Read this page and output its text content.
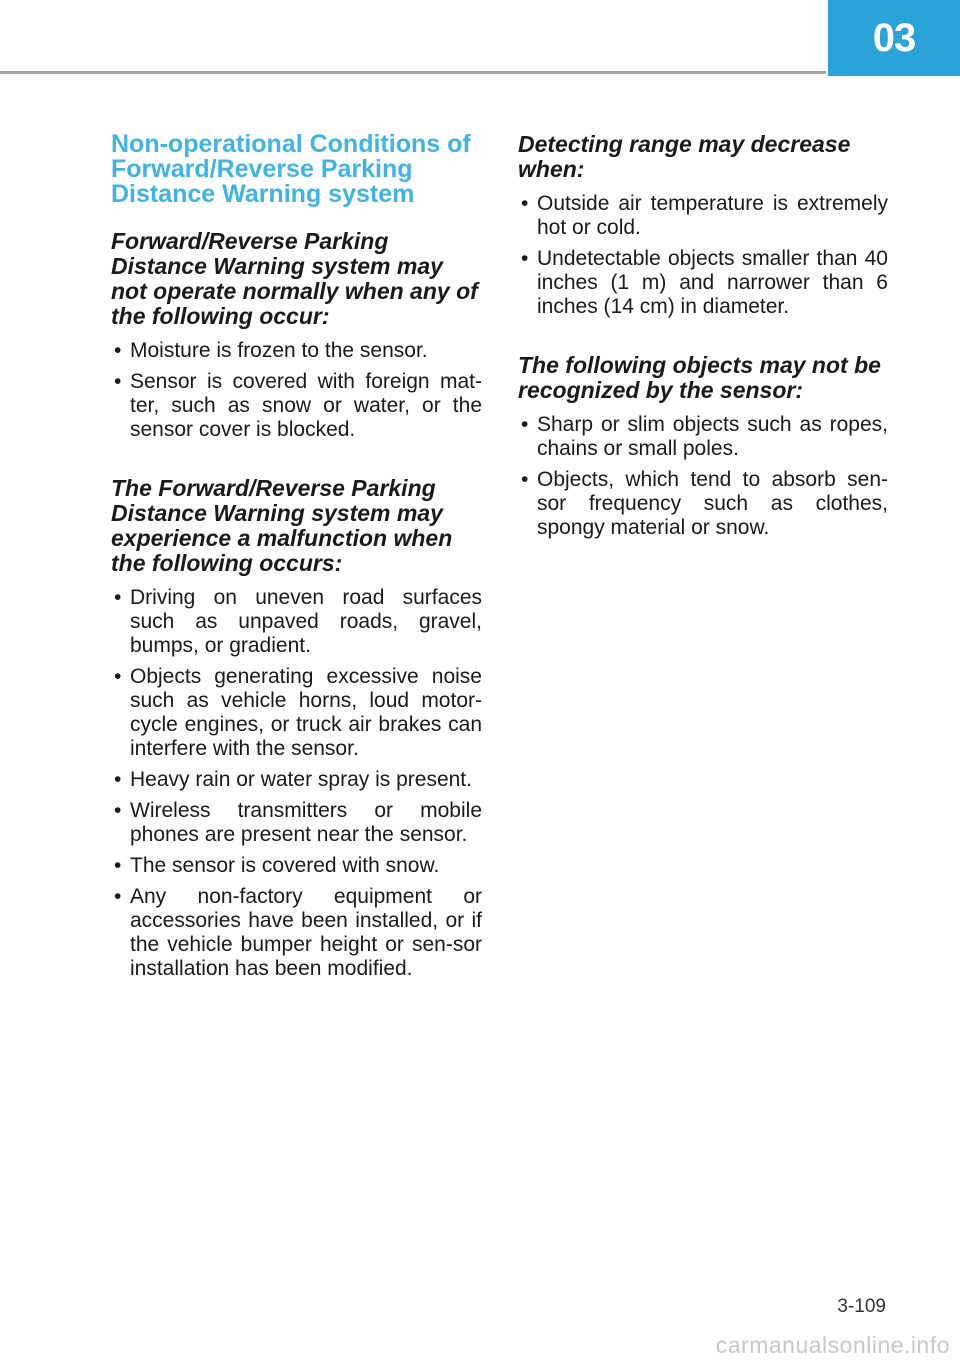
03
Non-operational Conditions of Forward/Reverse Parking Distance Warning system
Forward/Reverse Parking Distance Warning system may not operate normally when any of the following occur:
• Moisture is frozen to the sensor.
• Sensor is covered with foreign mat-ter, such as snow or water, or the sensor cover is blocked.
The Forward/Reverse Parking Distance Warning system may experience a malfunction when the following occurs:
• Driving on uneven road surfaces such as unpaved roads, gravel, bumps, or gradient.
• Objects generating excessive noise such as vehicle horns, loud motor-cycle engines, or truck air brakes can interfere with the sensor.
• Heavy rain or water spray is present.
• Wireless transmitters or mobile phones are present near the sensor.
• The sensor is covered with snow.
• Any non-factory equipment or accessories have been installed, or if the vehicle bumper height or sen-sor installation has been modified.
Detecting range may decrease when:
• Outside air temperature is extremely hot or cold.
• Undetectable objects smaller than 40 inches (1 m) and narrower than 6 inches (14 cm) in diameter.
The following objects may not be recognized by the sensor:
• Sharp or slim objects such as ropes, chains or small poles.
• Objects, which tend to absorb sen-sor frequency such as clothes, spongy material or snow.
3-109
carmanualsonline.info
